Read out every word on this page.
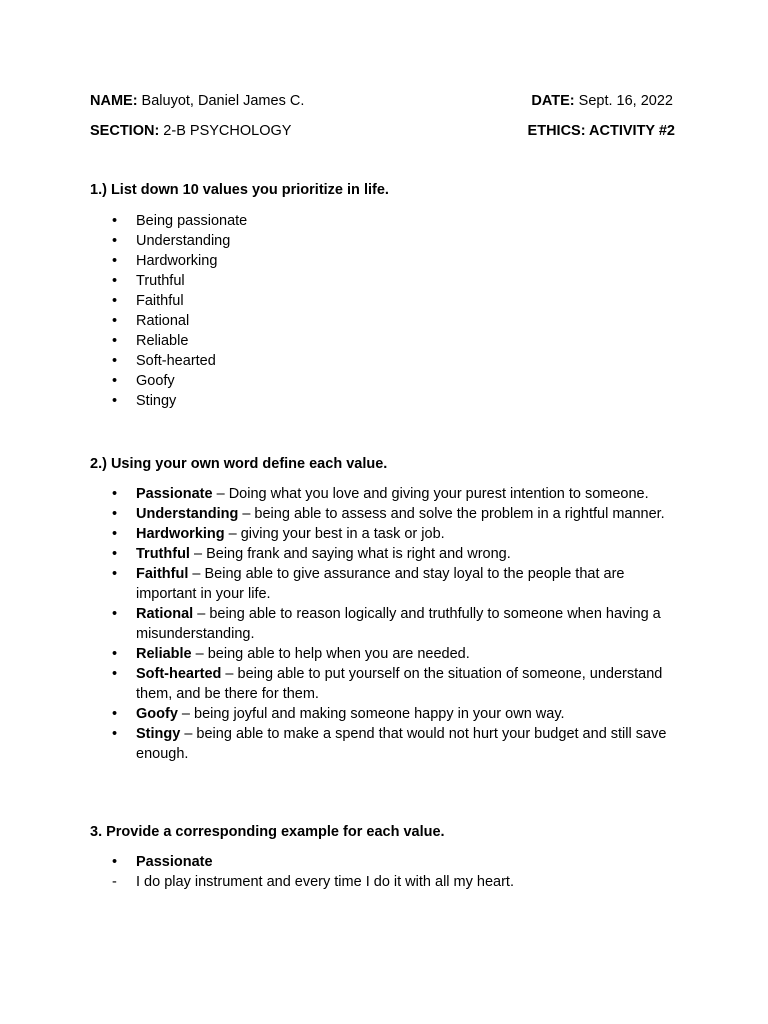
NAME: Baluyot, Daniel James C.	DATE: Sept. 16, 2022
SECTION: 2-B PSYCHOLOGY	ETHICS: ACTIVITY #2
1.) List down 10 values you prioritize in life.
• Being passionate
• Understanding
• Hardworking
• Truthful
• Faithful
• Rational
• Reliable
• Soft-hearted
• Goofy
• Stingy
2.) Using your own word define each value.
• Passionate – Doing what you love and giving your purest intention to someone.
• Understanding – being able to assess and solve the problem in a rightful manner.
• Hardworking – giving your best in a task or job.
• Truthful – Being frank and saying what is right and wrong.
• Faithful – Being able to give assurance and stay loyal to the people that are important in your life.
• Rational – being able to reason logically and truthfully to someone when having a misunderstanding.
• Reliable – being able to help when you are needed.
• Soft-hearted – being able to put yourself on the situation of someone, understand them, and be there for them.
• Goofy – being joyful and making someone happy in your own way.
• Stingy – being able to make a spend that would not hurt your budget and still save enough.
3. Provide a corresponding example for each value.
• Passionate
- I do play instrument and every time I do it with all my heart.
